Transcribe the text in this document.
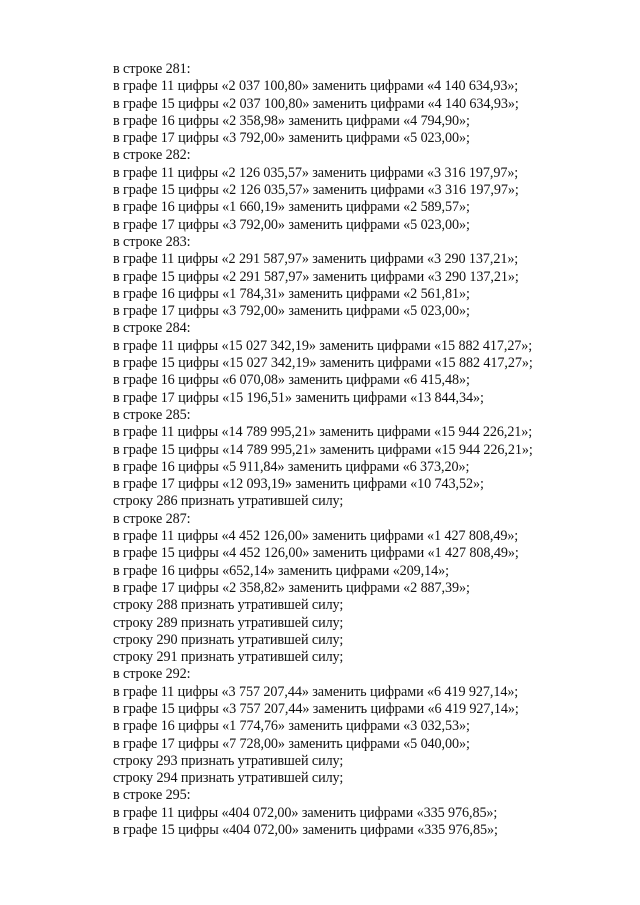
в строке 281:
в графе 11 цифры «2 037 100,80» заменить цифрами «4 140 634,93»;
в графе 15 цифры «2 037 100,80» заменить цифрами «4 140 634,93»;
в графе 16 цифры «2 358,98» заменить цифрами «4 794,90»;
в графе 17 цифры «3 792,00» заменить цифрами «5 023,00»;
в строке 282:
в графе 11 цифры «2 126 035,57» заменить цифрами «3 316 197,97»;
в графе 15 цифры «2 126 035,57» заменить цифрами «3 316 197,97»;
в графе 16 цифры «1 660,19» заменить цифрами «2 589,57»;
в графе 17 цифры «3 792,00» заменить цифрами «5 023,00»;
в строке 283:
в графе 11 цифры «2 291 587,97» заменить цифрами «3 290 137,21»;
в графе 15 цифры «2 291 587,97» заменить цифрами «3 290 137,21»;
в графе 16 цифры «1 784,31» заменить цифрами «2 561,81»;
в графе 17 цифры «3 792,00» заменить цифрами «5 023,00»;
в строке 284:
в графе 11 цифры «15 027 342,19» заменить цифрами «15 882 417,27»;
в графе 15 цифры «15 027 342,19» заменить цифрами «15 882 417,27»;
в графе 16 цифры «6 070,08» заменить цифрами «6 415,48»;
в графе 17 цифры «15 196,51» заменить цифрами «13 844,34»;
в строке 285:
в графе 11 цифры «14 789 995,21» заменить цифрами «15 944 226,21»;
в графе 15 цифры «14 789 995,21» заменить цифрами «15 944 226,21»;
в графе 16 цифры «5 911,84» заменить цифрами «6 373,20»;
в графе 17 цифры «12 093,19» заменить цифрами «10 743,52»;
строку 286 признать утратившей силу;
в строке 287:
в графе 11 цифры «4 452 126,00» заменить цифрами «1 427 808,49»;
в графе 15 цифры «4 452 126,00» заменить цифрами «1 427 808,49»;
в графе 16 цифры «652,14» заменить цифрами «209,14»;
в графе 17 цифры «2 358,82» заменить цифрами «2 887,39»;
строку 288 признать утратившей силу;
строку 289 признать утратившей силу;
строку 290 признать утратившей силу;
строку 291 признать утратившей силу;
в строке 292:
в графе 11 цифры «3 757 207,44» заменить цифрами «6 419 927,14»;
в графе 15 цифры «3 757 207,44» заменить цифрами «6 419 927,14»;
в графе 16 цифры «1 774,76» заменить цифрами «3 032,53»;
в графе 17 цифры «7 728,00» заменить цифрами «5 040,00»;
строку 293 признать утратившей силу;
строку 294 признать утратившей силу;
в строке 295:
в графе 11 цифры «404 072,00» заменить цифрами «335 976,85»;
в графе 15 цифры «404 072,00» заменить цифрами «335 976,85»;
